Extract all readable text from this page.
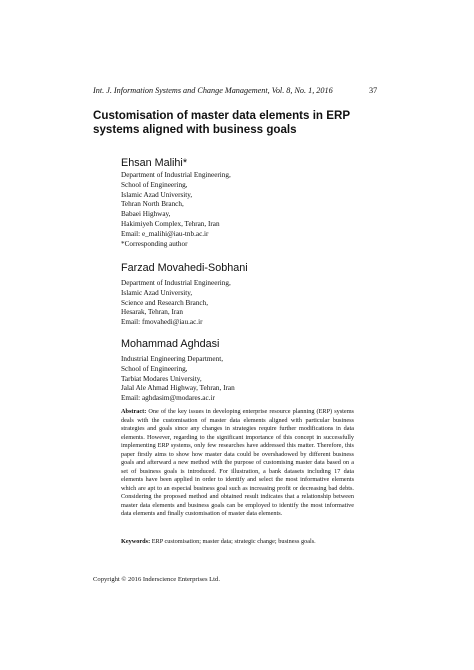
Int. J. Information Systems and Change Management, Vol. 8, No. 1, 2016	37
Customisation of master data elements in ERP
systems aligned with business goals
Ehsan Malihi*
Department of Industrial Engineering,
School of Engineering,
Islamic Azad University,
Tehran North Branch,
Babaei Highway,
Hakimiyeh Complex, Tehran, Iran
Email: e_malihi@iau-tnb.ac.ir
*Corresponding author
Farzad Movahedi-Sobhani
Department of Industrial Engineering,
Islamic Azad University,
Science and Research Branch,
Hesarak, Tehran, Iran
Email: fmovahedi@iau.ac.ir
Mohammad Aghdasi
Industrial Engineering Department,
School of Engineering,
Tarbiat Modares University,
Jalal Ale Ahmad Highway, Tehran, Iran
Email: aghdasim@modares.ac.ir
Abstract: One of the key issues in developing enterprise resource planning (ERP) systems deals with the customisation of master data elements aligned with particular business strategies and goals since any changes in strategies require further modifications in data elements. However, regarding to the significant importance of this concept in successfully implementing ERP systems, only few researches have addressed this matter. Therefore, this paper firstly aims to show how master data could be overshadowed by different business goals and afterward a new method with the purpose of customising master data based on a set of business goals is introduced. For illustration, a bank datasets including 17 data elements have been applied in order to identify and select the most informative elements which are apt to an especial business goal such as increasing profit or decreasing bad debts. Considering the proposed method and obtained result indicates that a relationship between master data elements and business goals can be employed to identify the most informative data elements and finally customisation of master data elements.
Keywords: ERP customisation; master data; strategic change; business goals.
Copyright © 2016 Inderscience Enterprises Ltd.
